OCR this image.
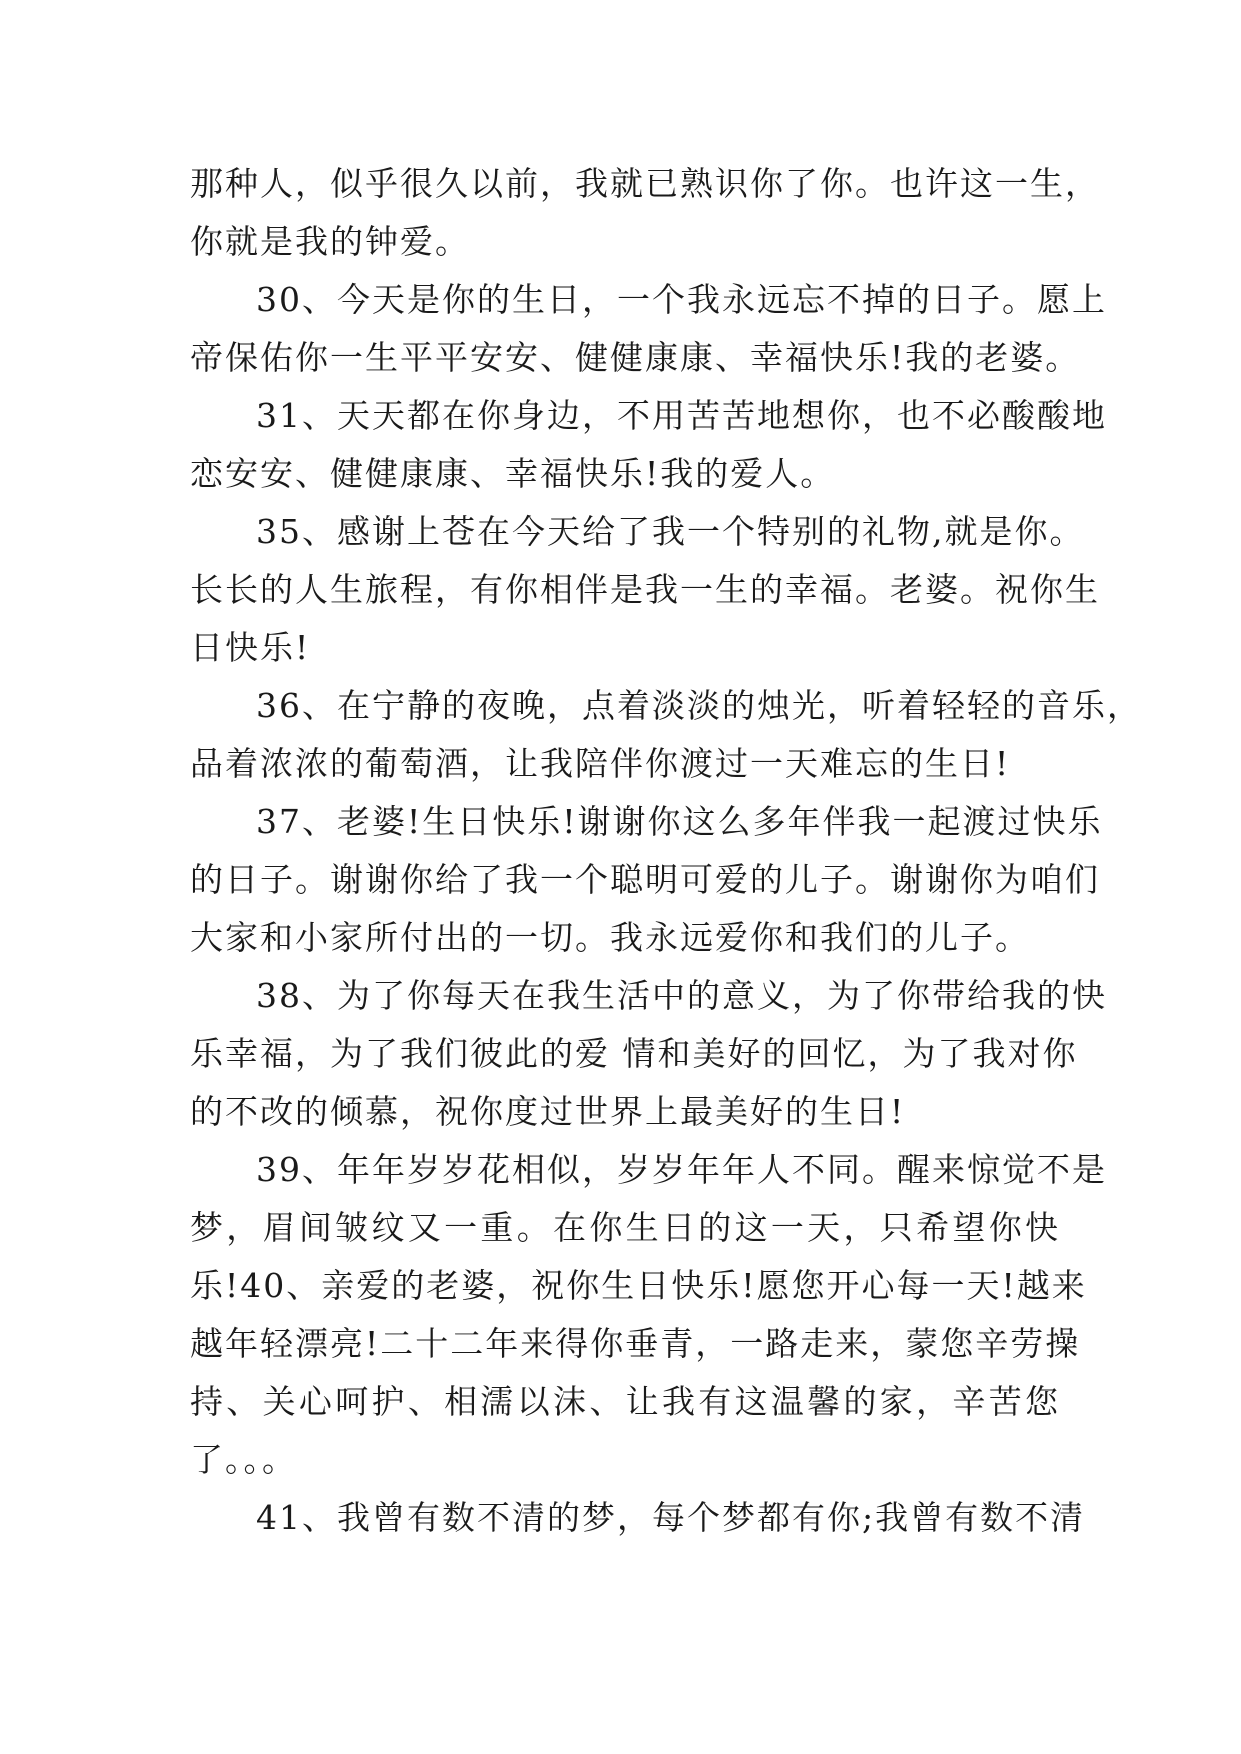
那种人，似乎很久以前，我就已熟识你了你。也许这一生，
你就是我的钟爱。
30、今天是你的生日，一个我永远忘不掉的日子。愿上
帝保佑你一生平平安安、健健康康、幸福快乐!我的老婆。
31、天天都在你身边，不用苦苦地想你，也不必酸酸地
恋安安、健健康康、幸福快乐!我的爱人。
35、感谢上苍在今天给了我一个特别的礼物,就是你。
长长的人生旅程，有你相伴是我一生的幸福。老婆。祝你生
日快乐!
36、在宁静的夜晚，点着淡淡的烛光，听着轻轻的音乐，
品着浓浓的葡萄酒，让我陪伴你渡过一天难忘的生日!
37、老婆!生日快乐!谢谢你这么多年伴我一起渡过快乐
的日子。谢谢你给了我一个聪明可爱的儿子。谢谢你为咱们
大家和小家所付出的一切。我永远爱你和我们的儿子。
38、为了你每天在我生活中的意义，为了你带给我的快
乐幸福，为了我们彼此的爱 情和美好的回忆，为了我对你
的不改的倾慕，祝你度过世界上最美好的生日!
39、年年岁岁花相似，岁岁年年人不同。醒来惊觉不是
梦，眉间皱纹又一重。在你生日的这一天，只希望你快
乐!40、亲爱的老婆，祝你生日快乐!愿您开心每一天!越来
越年轻漂亮!二十二年来得你垂青，一路走来，蒙您辛劳操
持、关心呵护、相濡以沫、让我有这温馨的家，辛苦您
了。。。
41、我曾有数不清的梦，每个梦都有你;我曾有数不清
